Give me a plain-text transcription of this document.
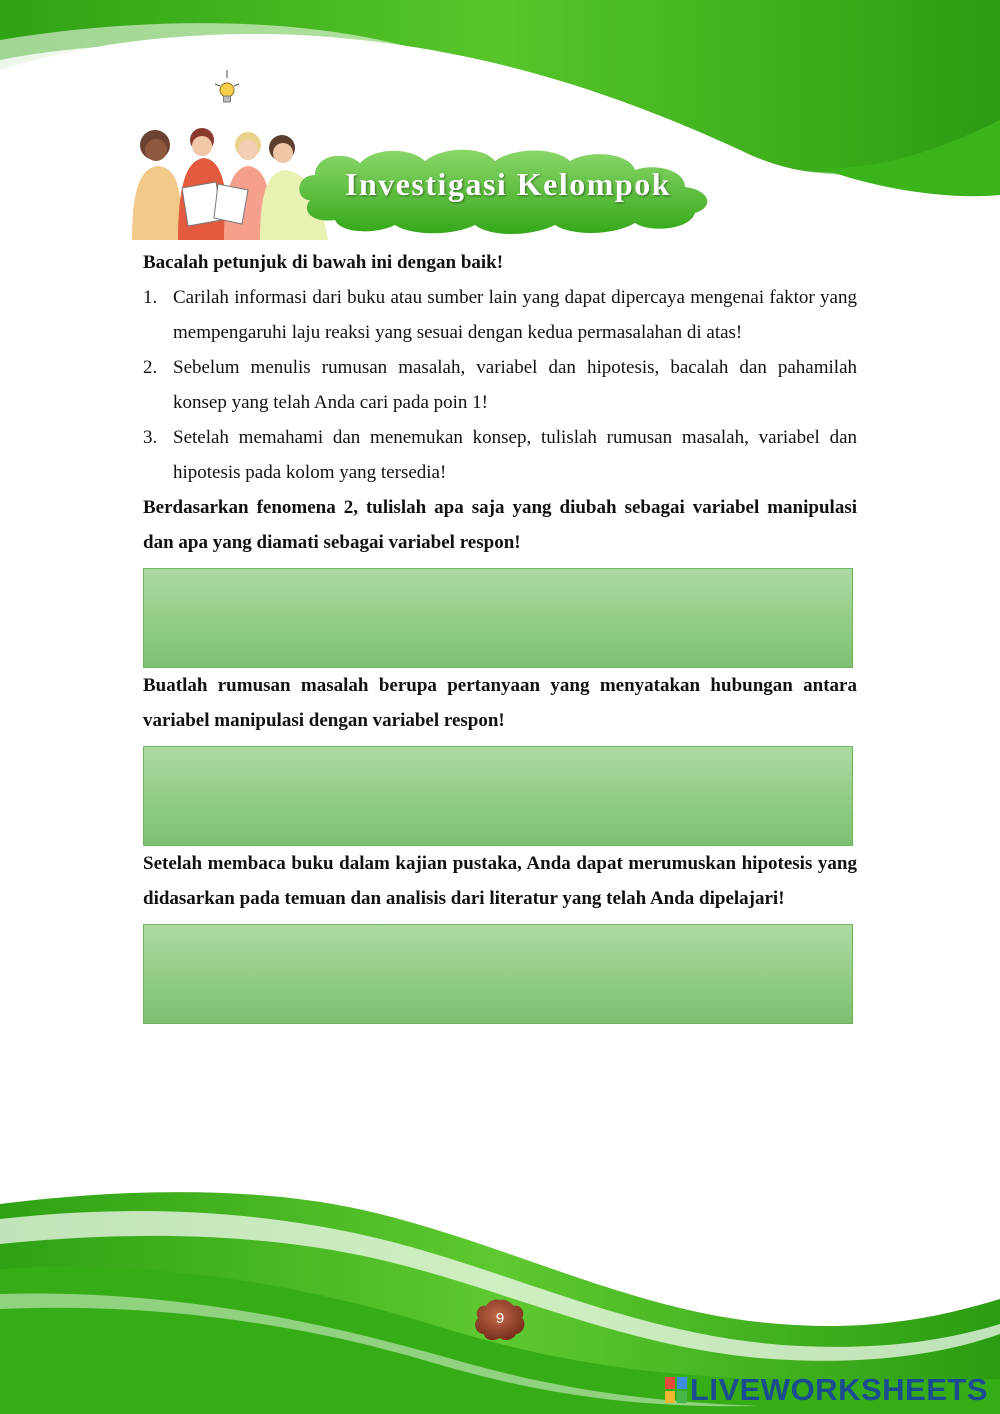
Investigasi Kelompok

Bacalah petunjuk di bawah ini dengan baik!

1. Carilah informasi dari buku atau sumber lain yang dapat dipercaya mengenai faktor yang mempengaruhi laju reaksi yang sesuai dengan kedua permasalahan di atas!
2. Sebelum menulis rumusan masalah, variabel dan hipotesis, bacalah dan pahamilah konsep yang telah Anda cari pada poin 1!
3. Setelah memahami dan menemukan konsep, tulislah rumusan masalah, variabel dan hipotesis pada kolom yang tersedia!

Berdasarkan fenomena 2, tulislah apa saja yang diubah sebagai variabel manipulasi dan apa yang diamati sebagai variabel respon!

Buatlah rumusan masalah berupa pertanyaan yang menyatakan hubungan antara variabel manipulasi dengan variabel respon!

Setelah membaca buku dalam kajian pustaka, Anda dapat merumuskan hipotesis yang didasarkan pada temuan dan analisis dari literatur yang telah Anda dipelajari!

9
LIVEWORKSHEETS
